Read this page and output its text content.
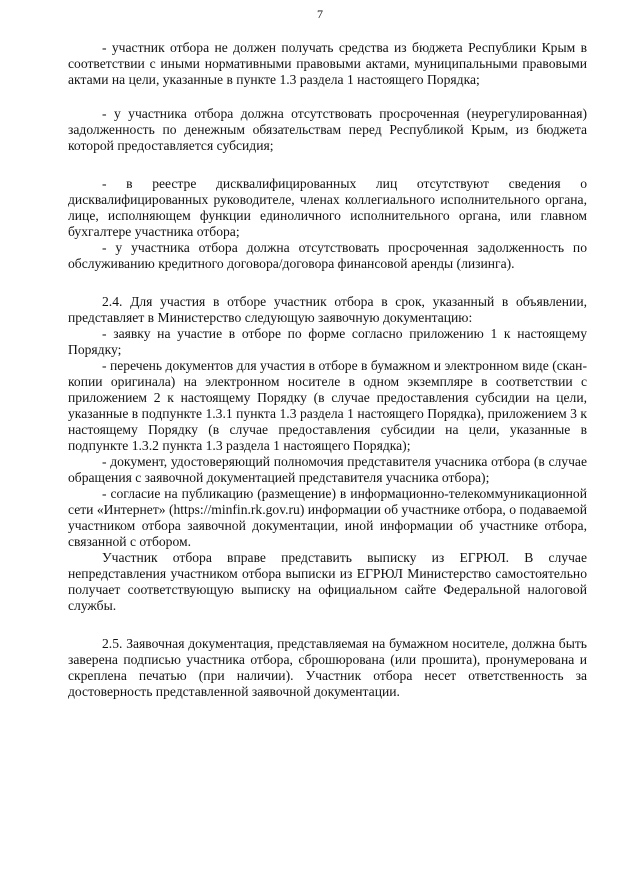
7

- участник отбора не должен получать средства из бюджета Республики Крым в соответствии с иными нормативными правовыми актами, муниципальными правовыми актами на цели, указанные в пункте 1.3 раздела 1 настоящего Порядка;

- у участника отбора должна отсутствовать просроченная (неурегулированная) задолженность по денежным обязательствам перед Республикой Крым, из бюджета которой предоставляется субсидия;

- в реестре дисквалифицированных лиц отсутствуют сведения о дисквалифицированных руководителе, членах коллегиального исполнительного органа, лице, исполняющем функции единоличного исполнительного органа, или главном бухгалтере участника отбора;

- у участника отбора должна отсутствовать просроченная задолженность по обслуживанию кредитного договора/договора финансовой аренды (лизинга).

2.4. Для участия в отборе участник отбора в срок, указанный в объявлении, представляет в Министерство следующую заявочную документацию:

- заявку на участие в отборе по форме согласно приложению 1 к настоящему Порядку;

- перечень документов для участия в отборе в бумажном и электронном виде (скан-копии оригинала) на электронном носителе в одном экземпляре в соответствии с приложением 2 к настоящему Порядку (в случае предоставления субсидии на цели, указанные в подпункте 1.3.1 пункта 1.3 раздела 1 настоящего Порядка), приложением 3 к настоящему Порядку (в случае предоставления субсидии на цели, указанные в подпункте 1.3.2 пункта 1.3 раздела 1 настоящего Порядка);

- документ, удостоверяющий полномочия представителя учасника отбора (в случае обращения с заявочной документацией представителя учасника отбора);

- согласие на публикацию (размещение) в информационно-телекоммуникационной сети «Интернет» (https://minfin.rk.gov.ru) информации об участнике отбора, о подаваемой участником отбора заявочной документации, иной информации об участнике отбора, связанной с отбором.

Участник отбора вправе представить выписку из ЕГРЮЛ. В случае непредставления участником отбора выписки из ЕГРЮЛ Министерство самостоятельно получает соответствующую выписку на официальном сайте Федеральной налоговой службы.

2.5. Заявочная документация, представляемая на бумажном носителе, должна быть заверена подписью участника отбора, сброшюрована (или прошита), пронумерована и скреплена печатью (при наличии). Участник отбора несет ответственность за достоверность представленной заявочной документации.
